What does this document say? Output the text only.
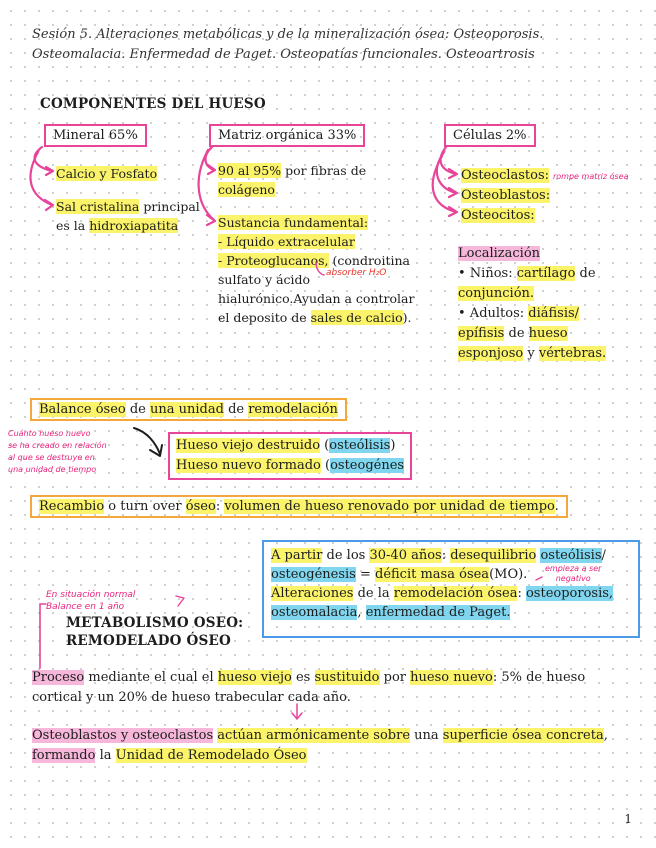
Sesión 5. Alteraciones metabólicas y de la mineralización ósea: Osteoporosis.
Osteomalacia. Enfermedad de Paget. Osteopatías funcionales. Osteoartrosis
COMPONENTES DEL HUESO
Mineral 65%
Calcio y Fosfato
Sal cristalina principal
es la hidroxiapatita
Matriz orgánica 33%
90 al 95% por fibras de
colágeno
Sustancia fundamental:
- Líquido extracelular
- Proteoglucanos, (condroitina
sulfato y ácido
hialurónico.Ayudan a controlar
el deposito de sales de calcio).
absorber H₂O
Células 2%
Osteoclastos:
Osteoblastos:
Osteocitos:
rompe matriz ósea
Localización
• Niños: cartílago de
conjunción.
• Adultos: diáfisis/
epífisis de hueso
esponjoso y vértebras.
Balance óseo de una unidad de remodelación
Cuánto hueso nuevo
se ha creado en relación
al que se destruye en
una unidad de tiempo
Hueso viejo destruido (osteólisis)
Hueso nuevo formado (osteogénes
Recambio o turn over óseo: volumen de hueso renovado por unidad de tiempo.
A partir de los 30-40 años: desequilibrio osteólisis/
osteogénesis = déficit masa ósea(MO).
Alteraciones de la remodelación ósea: osteoporosis,
osteomalacia, enfermedad de Paget.
empieza a ser
negativo
En situación normal
Balance en 1 año
METABOLISMO OSEO:
REMODELADO ÓSEO
Proceso mediante el cual el hueso viejo es sustituido por hueso nuevo: 5% de hueso
cortical y un 20% de hueso trabecular cada año.
Osteoblastos y osteoclastos actúan armónicamente sobre una superficie ósea concreta,
formando la Unidad de Remodelado Óseo
1
